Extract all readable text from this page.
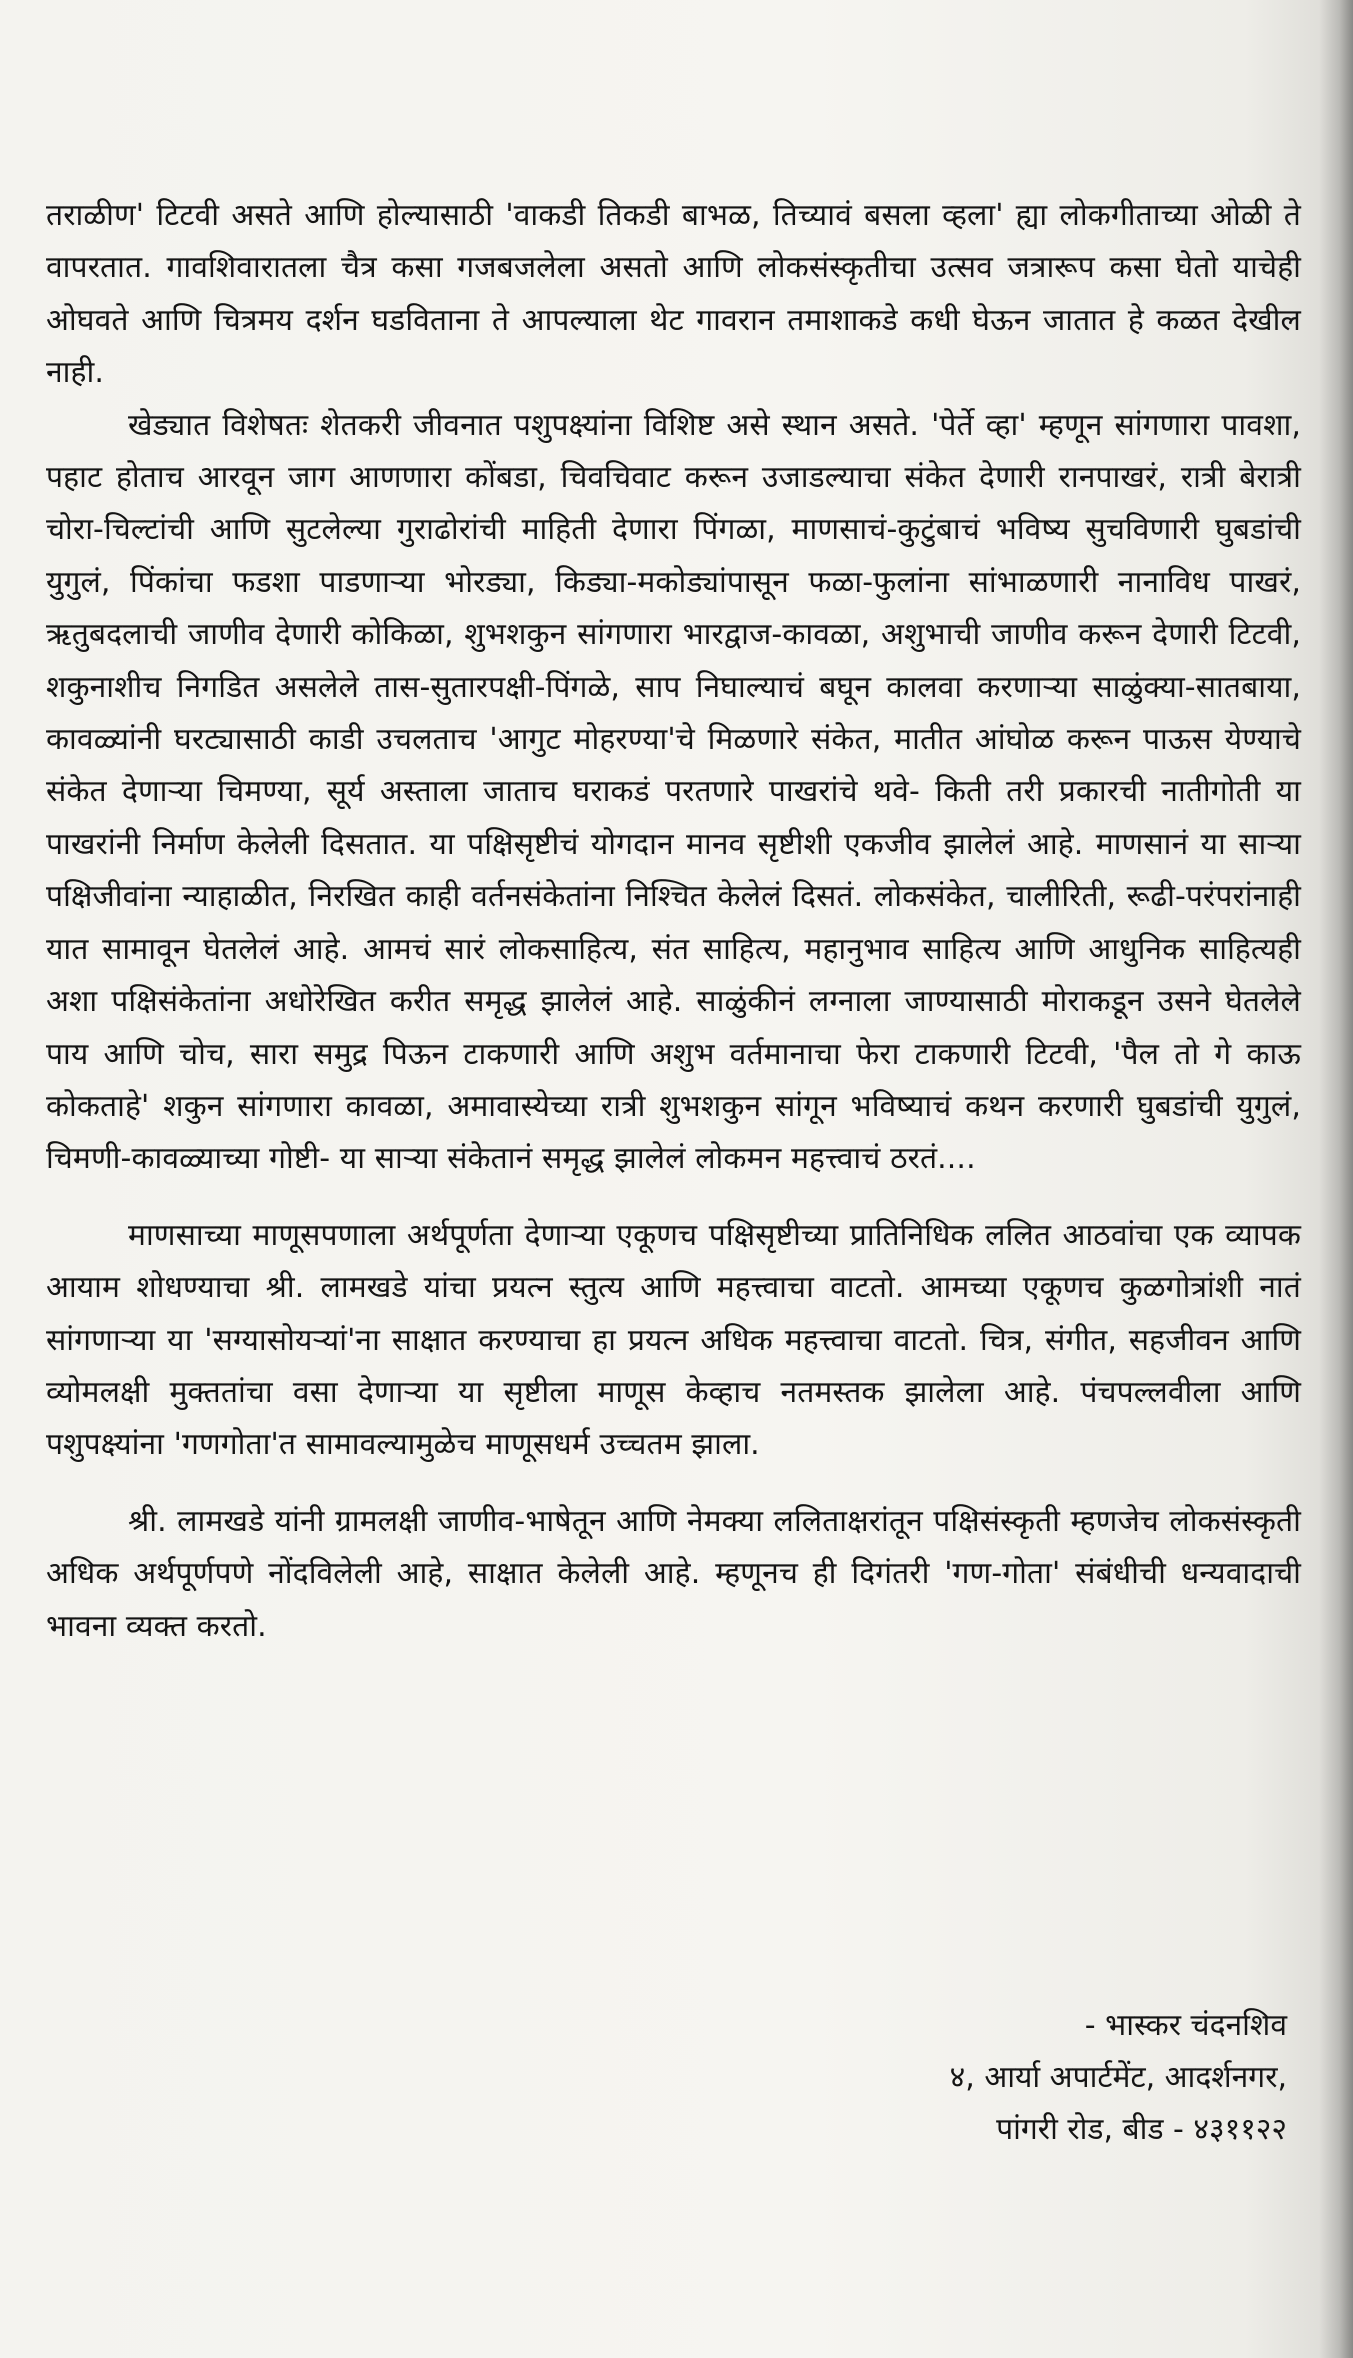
तराळीण' टिटवी असते आणि होल्यासाठी 'वाकडी तिकडी बाभळ, तिच्यावं बसला व्हला' ह्या लोकगीताच्या ओळी ते वापरतात. गावशिवारातला चैत्र कसा गजबजलेला असतो आणि लोकसंस्कृतीचा उत्सव जत्रारूप कसा घेतो याचेही ओघवते आणि चित्रमय दर्शन घडविताना ते आपल्याला थेट गावरान तमाशाकडे कधी घेऊन जातात हे कळत देखील नाही.

खेड्यात विशेषतः शेतकरी जीवनात पशुपक्ष्यांना विशिष्ट असे स्थान असते. 'पेर्ते व्हा' म्हणून सांगणारा पावशा, पहाट होताच आरवून जाग आणणारा कोंबडा, चिवचिवाट करून उजाडल्याचा संकेत देणारी रानपाखरं, रात्री बेरात्री चोरा-चिल्टांची आणि सुटलेल्या गुराढोरांची माहिती देणारा पिंगळा, माणसाचं-कुटुंबाचं भविष्य सुचविणारी घुबडांची युगुलं, पिंकांचा फडशा पाडणाऱ्या भोरड्या, किड्या-मकोड्यांपासून फळा-फुलांना सांभाळणारी नानाविध पाखरं, ऋतुबदलाची जाणीव देणारी कोकिळा, शुभशकुन सांगणारा भारद्वाज-कावळा, अशुभाची जाणीव करून देणारी टिटवी, शकुनाशीच निगडित असलेले तास-सुतारपक्षी-पिंगळे, साप निघाल्याचं बघून कालवा करणाऱ्या साळुंक्या-सातबाया, कावळ्यांनी घरट्यासाठी काडी उचलताच 'आगुट मोहरण्या'चे मिळणारे संकेत, मातीत आंघोळ करून पाऊस येण्याचे संकेत देणाऱ्या चिमण्या, सूर्य अस्ताला जाताच घराकडं परतणारे पाखरांचे थवे- किती तरी प्रकारची नातीगोती या पाखरांनी निर्माण केलेली दिसतात. या पक्षिसृष्टीचं योगदान मानव सृष्टीशी एकजीव झालेलं आहे. माणसानं या साऱ्या पक्षिजीवांना न्याहाळीत, निरखित काही वर्तनसंकेतांना निश्चित केलेलं दिसतं. लोकसंकेत, चालीरिती, रूढी-परंपरांनाही यात सामावून घेतलेलं आहे. आमचं सारं लोकसाहित्य, संत साहित्य, महानुभाव साहित्य आणि आधुनिक साहित्यही अशा पक्षिसंकेतांना अधोरेखित करीत समृद्ध झालेलं आहे. साळुंकीनं लग्नाला जाण्यासाठी मोराकडून उसने घेतलेले पाय आणि चोच, सारा समुद्र पिऊन टाकणारी आणि अशुभ वर्तमानाचा फेरा टाकणारी टिटवी, 'पैल तो गे काऊ कोकताहे' शकुन सांगणारा कावळा, अमावास्येच्या रात्री शुभशकुन सांगून भविष्याचं कथन करणारी घुबडांची युगुलं, चिमणी-कावळ्याच्या गोष्टी- या साऱ्या संकेतानं समृद्ध झालेलं लोकमन महत्त्वाचं ठरतं....

माणसाच्या माणूसपणाला अर्थपूर्णता देणाऱ्या एकूणच पक्षिसृष्टीच्या प्रातिनिधिक ललित आठवांचा एक व्यापक आयाम शोधण्याचा श्री. लामखडे यांचा प्रयत्न स्तुत्य आणि महत्त्वाचा वाटतो. आमच्या एकूणच कुळगोत्रांशी नातं सांगणाऱ्या या 'सग्यासोयऱ्यां'ना साक्षात करण्याचा हा प्रयत्न अधिक महत्त्वाचा वाटतो. चित्र, संगीत, सहजीवन आणि व्योमलक्षी मुक्ततांचा वसा देणाऱ्या या सृष्टीला माणूस केव्हाच नतमस्तक झालेला आहे. पंचपल्लवीला आणि पशुपक्ष्यांना 'गणगोता'त सामावल्यामुळेच माणूसधर्म उच्चतम झाला.

श्री. लामखडे यांनी ग्रामलक्षी जाणीव-भाषेतून आणि नेमक्या ललिताक्षरांतून पक्षिसंस्कृती म्हणजेच लोकसंस्कृती अधिक अर्थपूर्णपणे नोंदविलेली आहे, साक्षात केलेली आहे. म्हणूनच ही दिगंतरी 'गण-गोता' संबंधीची धन्यवादाची भावना व्यक्त करतो.

- भास्कर चंदनशिव
४, आर्या अपार्टमेंट, आदर्शनगर,
पांगरी रोड, बीड - ४३११२२
